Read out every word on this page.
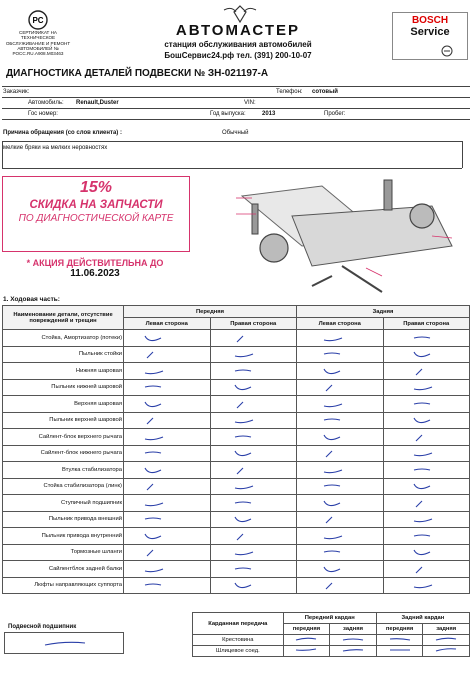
PC
СЕРТИФИКАТ НА ТЕХНИЧЕСКОЕ ОБСЛУЖИВАНИЕ И РЕМОНТ АВТОМОБИЛЕЙ № РОСС.RU.A908.M03463
АВТОМАСТЕР
станция обслуживания автомобилей
БошСервис24.рф тел. (391) 200-10-07
BOSCH
Service
ДИАГНОСТИКА ДЕТАЛЕЙ ПОДВЕСКИ № ЗН-021197-А
Заказчик:	Телефон: сотовый
Автомобиль: Renault,Duster	VIN:
Гос номер:	Год выпуска:	2013	Пробег:
Причина обращения (со слов клиента) :	Обычный
мелкие бряки на мелких неровностях
15%
СКИДКА НА ЗАПЧАСТИ
ПО ДИАГНОСТИЧЕСКОЙ КАРТЕ
* АКЦИЯ ДЕЙСТВИТЕЛЬНА ДО
11.06.2023
1. Ходовая часть:
Наименование детали, отсутствие повреждений и трещин	Передняя		Задняя	
	Левая сторона	Правая сторона	Левая сторона	Правая сторона
Стойка, Амортизатор (потеки)				
Пыльник стойки				
Нижняя шаровая				
Пыльник нижней шаровой				
Верхняя шаровая				
Пыльник верхней шаровой				
Сайлент-блок верхнего рычага				
Сайлент-блок нижнего рычага				
Втулка стабилизатора				
Стойка стабилизатора (линк)				
Ступичный подшипник				
Пыльник привода внешний				
Пыльник привода внутренний				
Тормозные шланги				
Сайлентблок задней балки				
Люфты направляющих суппорта				
Карданная передача	Передний кардан		Задний кардан	
	передняя	задняя	передняя	задняя
Крестовина				
Шлицевое соед.				
Подвесной подшипник
